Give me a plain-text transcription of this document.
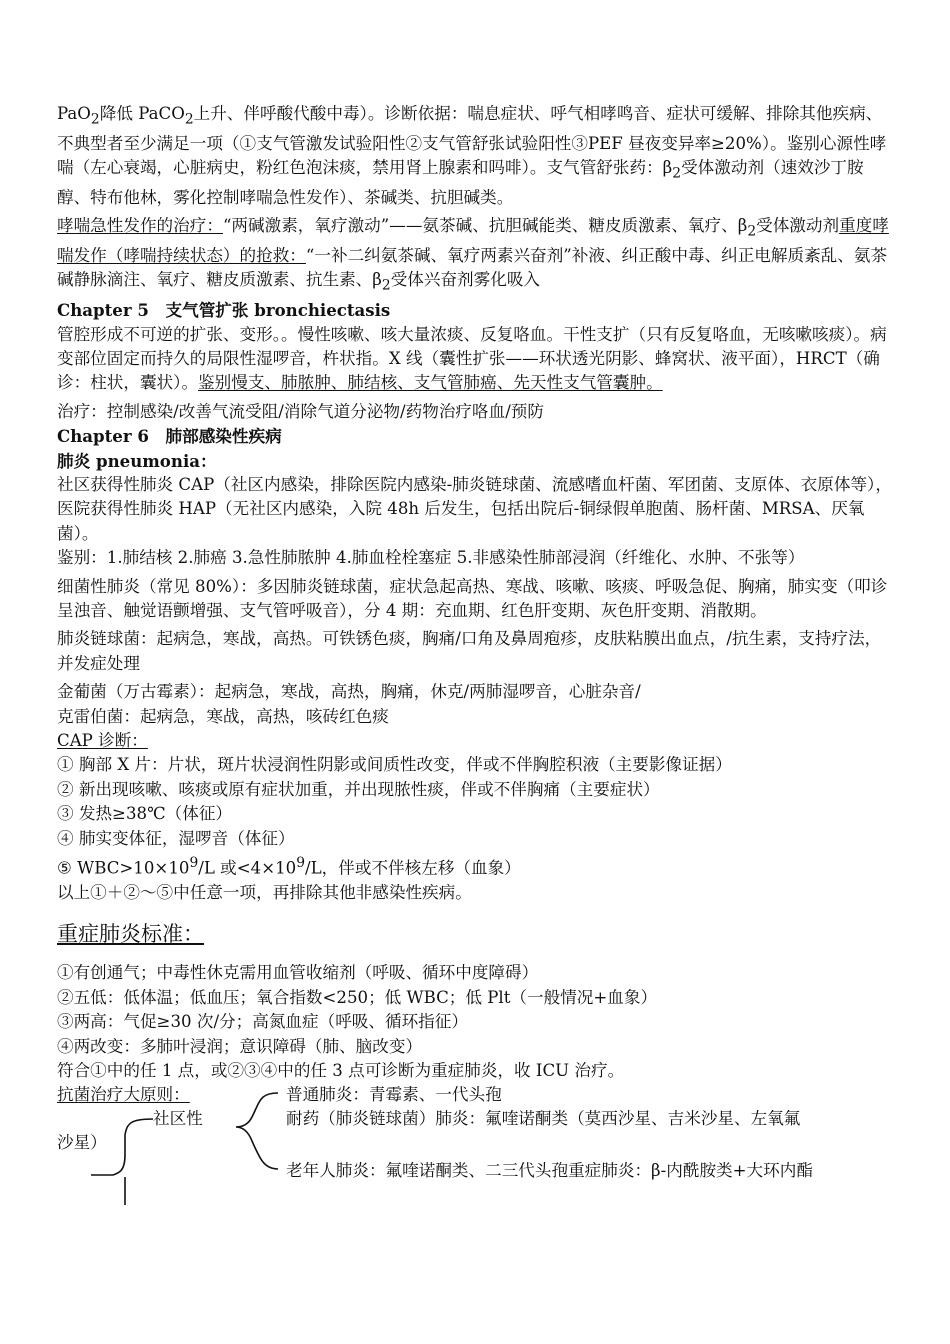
PaO$_2$降低 PaCO$_2$上升、伴呼酸代酸中毒）。诊断依据：喘息症状、呼气相哮鸣音、症状可缓解、排除其他疾病、不典型者至少满足一项（①支气管激发试验阳性②支气管舒张试验阳性③PEF 昼夜变异率≥20%）。鉴别心源性哮喘（左心衰竭，心脏病史，粉红色泡沫痰，禁用肾上腺素和吗啡）。支气管舒张药：$\beta_2$受体激动剂（速效沙丁胺醇、特布他林，雾化控制哮喘急性发作）、茶碱类、抗胆碱类。

哮喘急性发作的治疗：“两碱激素，氧疗激动”——氨茶碱、抗胆碱能类、糖皮质激素、氧疗、$\beta_2$受体激动剂重度哮喘发作（哮喘持续状态）的抢救：“一补二纠氨茶碱、氧疗两素兴奋剂”补液、纠正酸中毒、纠正电解质紊乱、氨茶碱静脉滴注、氧疗、糖皮质激素、抗生素、$\beta_2$受体兴奋剂雾化吸入

Chapter 5　支气管扩张 bronchiectasis

管腔形成不可逆的扩张、变形。。慢性咳嗽、咳大量浓痰、反复咯血。干性支扩（只有反复咯血，无咳嗽咳痰）。病变部位固定而持久的局限性湿啰音，杵状指。X 线（囊性扩张——环状透光阴影、蜂窝状、液平面），HRCT（确诊：柱状，囊状）。鉴别慢支、肺脓肿、肺结核、支气管肺癌、先天性支气管囊肿。

治疗：控制感染/改善气流受阻/消除气道分泌物/药物治疗咯血/预防

Chapter 6　肺部感染性疾病

肺炎 pneumonia：

社区获得性肺炎 CAP（社区内感染，排除医院内感染-肺炎链球菌、流感嗜血杆菌、军团菌、支原体、衣原体等），医院获得性肺炎 HAP（无社区内感染，入院 48h 后发生，包括出院后-铜绿假单胞菌、肠杆菌、MRSA、厌氧菌）。

鉴别：1.肺结核 2.肺癌 3.急性肺脓肿 4.肺血栓栓塞症 5.非感染性肺部浸润（纤维化、水肿、不张等）

细菌性肺炎（常见 80%）：多因肺炎链球菌，症状急起高热、寒战、咳嗽、咳痰、呼吸急促、胸痛，肺实变（叩诊呈浊音、触觉语颤增强、支气管呼吸音），分 4 期：充血期、红色肝变期、灰色肝变期、消散期。

肺炎链球菌：起病急，寒战，高热。可铁锈色痰，胸痛/口角及鼻周疱疹，皮肤粘膜出血点，/抗生素，支持疗法，并发症处理

金葡菌（万古霉素）：起病急，寒战，高热，胸痛，休克/两肺湿啰音，心脏杂音/

克雷伯菌：起病急，寒战，高热，咳砖红色痰

CAP 诊断：

① 胸部 X 片：片状，斑片状浸润性阴影或间质性改变，伴或不伴胸腔积液（主要影像证据）

② 新出现咳嗽、咳痰或原有症状加重，并出现脓性痰，伴或不伴胸痛（主要症状）

③ 发热≥38℃（体征）

④ 肺实变体征，湿啰音（体征）

⑤ $WBC>10\times 10^9/L$ 或$<4\times 10^9/L$，伴或不伴核左移（血象）

以上①＋②～⑤中任意一项，再排除其他非感染性疾病。

重症肺炎标准：

①有创通气；中毒性休克需用血管收缩剂（呼吸、循环中度障碍）

②五低：低体温；低血压；氧合指数<250；低 WBC；低 Plt（一般情况+血象）

③两高：气促≥30 次/分；高氮血症（呼吸、循环指征）

④两改变：多肺叶浸润；意识障碍（肺、脑改变）

符合①中的任 1 点，或②③④中的任 3 点可诊断为重症肺炎，收 ICU 治疗。

抗菌治疗大原则：
社区性
普通肺炎：青霉素、一代头孢
耐药（肺炎链球菌）肺炎：氟喹诺酮类（莫西沙星、吉米沙星、左氧氟
沙星）
老年人肺炎：氟喹诺酮类、二三代头孢重症肺炎：β-内酰胺类+大环内酯
